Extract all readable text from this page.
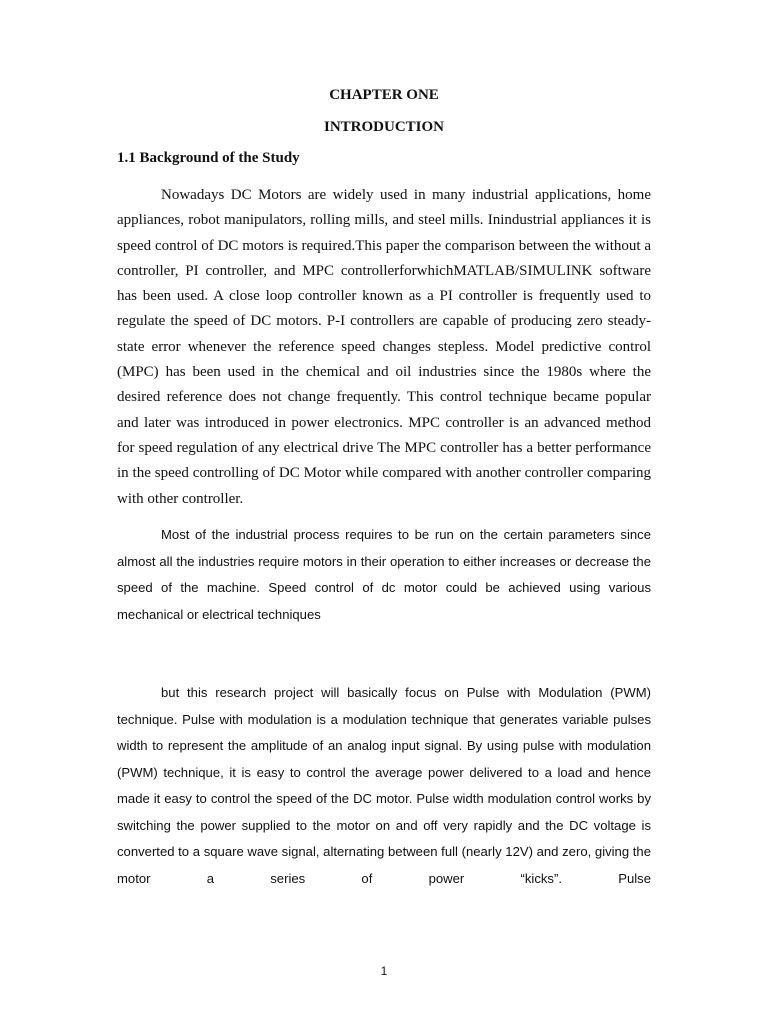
CHAPTER ONE
INTRODUCTION
1.1 Background of the Study

Nowadays DC Motors are widely used in many industrial applications, home appliances, robot manipulators, rolling mills, and steel mills. Inindustrial appliances it is speed control of DC motors is required.This paper the comparison between the without a controller, PI controller, and MPC controllerforwhichMATLAB/SIMULINK software has been used. A close loop controller known as a PI controller is frequently used to regulate the speed of DC motors. P-I controllers are capable of producing zero steady- state error whenever the reference speed changes stepless. Model predictive control (MPC) has been used in the chemical and oil industries since the 1980s where the desired reference does not change frequently. This control technique became popular and later was introduced in power electronics. MPC controller is an advanced method for speed regulation of any electrical drive The MPC controller has a better performance in the speed controlling of DC Motor while compared with another controller comparing with other controller.

Most of the industrial process requires to be run on the certain parameters since almost all the industries require motors in their operation to either increases or decrease the speed of the machine. Speed control of dc motor could be achieved using various mechanical or electrical techniques

but this research project will basically focus on Pulse with Modulation (PWM) technique. Pulse with modulation is a modulation technique that generates variable pulses width to represent the amplitude of an analog input signal. By using pulse with modulation (PWM) technique, it is easy to control the average power delivered to a load and hence made it easy to control the speed of the DC motor. Pulse width modulation control works by switching the power supplied to the motor on and off very rapidly and the DC voltage is converted to a square wave signal, alternating between full (nearly 12V) and zero, giving the motor a series of power “kicks”. Pulse

1
